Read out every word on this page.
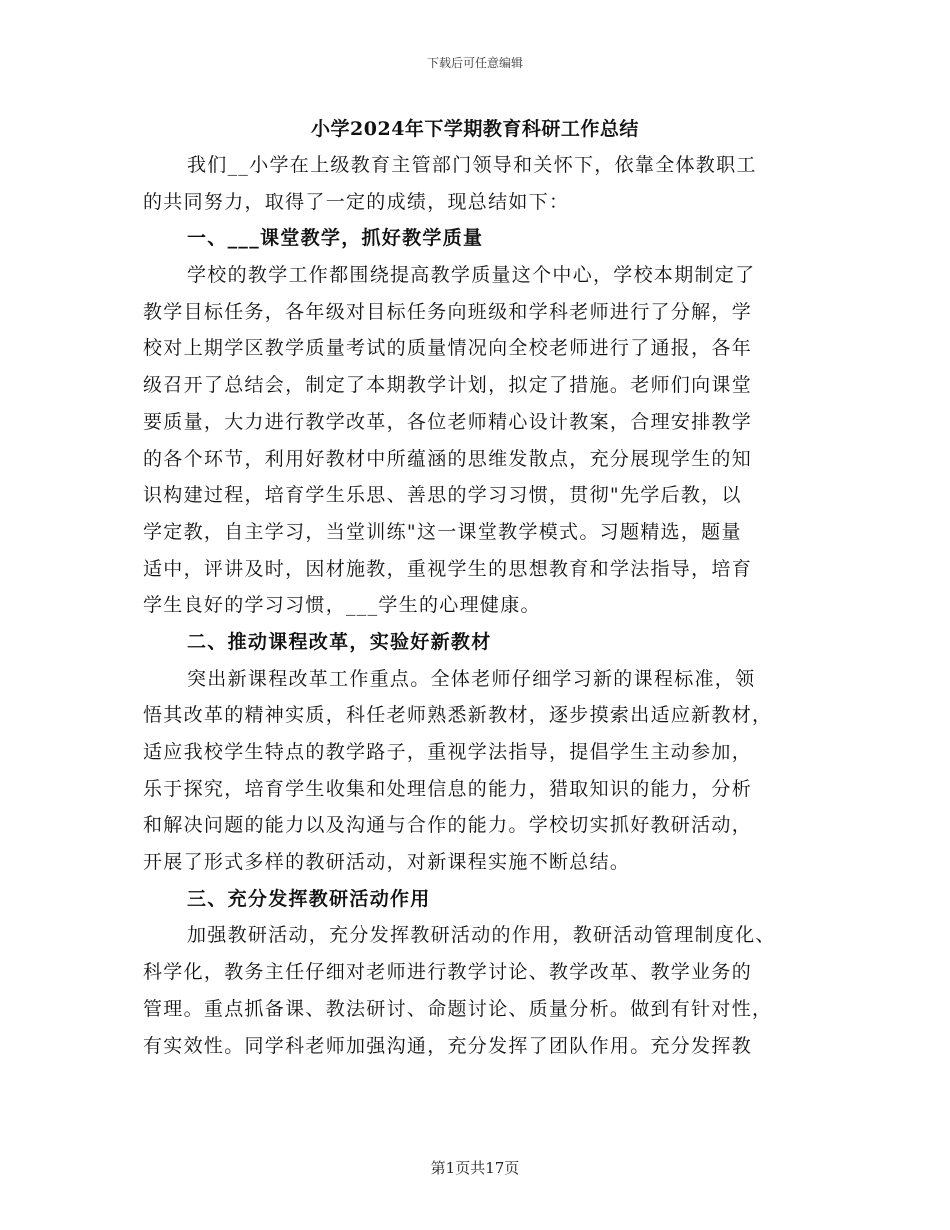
下载后可任意编辑
小学2024年下学期教育科研工作总结
我们__小学在上级教育主管部门领导和关怀下，依靠全体教职工
的共同努力，取得了一定的成绩，现总结如下：
一、___课堂教学，抓好教学质量
学校的教学工作都围绕提高教学质量这个中心，学校本期制定了
教学目标任务，各年级对目标任务向班级和学科老师进行了分解，学
校对上期学区教学质量考试的质量情况向全校老师进行了通报，各年
级召开了总结会，制定了本期教学计划，拟定了措施。老师们向课堂
要质量，大力进行教学改革，各位老师精心设计教案，合理安排教学
的各个环节，利用好教材中所蕴涵的思维发散点，充分展现学生的知
识构建过程，培育学生乐思、善思的学习习惯，贯彻"先学后教，以
学定教，自主学习，当堂训练"这一课堂教学模式。习题精选，题量
适中，评讲及时，因材施教，重视学生的思想教育和学法指导，培育
学生良好的学习习惯，___学生的心理健康。
二、推动课程改革，实验好新教材
突出新课程改革工作重点。全体老师仔细学习新的课程标准，领
悟其改革的精神实质，科任老师熟悉新教材，逐步摸索出适应新教材，
适应我校学生特点的教学路子，重视学法指导，提倡学生主动参加，
乐于探究，培育学生收集和处理信息的能力，猎取知识的能力，分析
和解决问题的能力以及沟通与合作的能力。学校切实抓好教研活动，
开展了形式多样的教研活动，对新课程实施不断总结。
三、充分发挥教研活动作用
加强教研活动，充分发挥教研活动的作用，教研活动管理制度化、
科学化，教务主任仔细对老师进行教学讨论、教学改革、教学业务的
管理。重点抓备课、教法研讨、命题讨论、质量分析。做到有针对性，
有实效性。同学科老师加强沟通，充分发挥了团队作用。充分发挥教
第1页共17页
